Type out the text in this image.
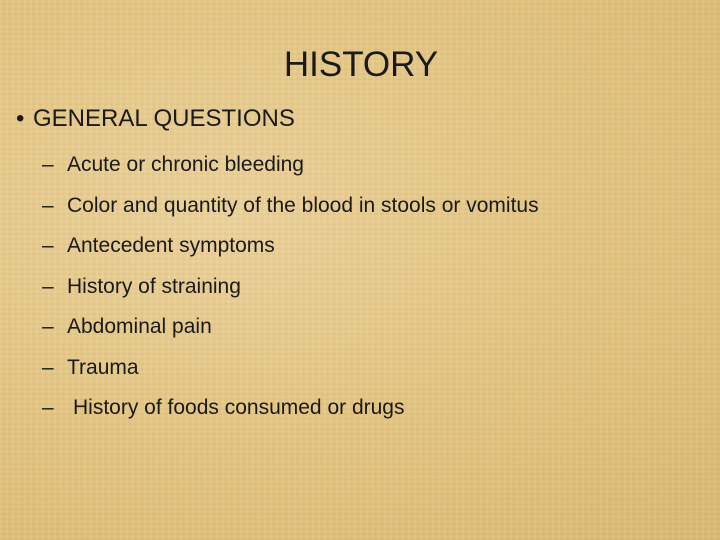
HISTORY
• GENERAL QUESTIONS
– Acute or chronic bleeding
– Color and quantity of the blood in stools or vomitus
– Antecedent symptoms
– History of straining
– Abdominal pain
– Trauma
– History of foods consumed or drugs
